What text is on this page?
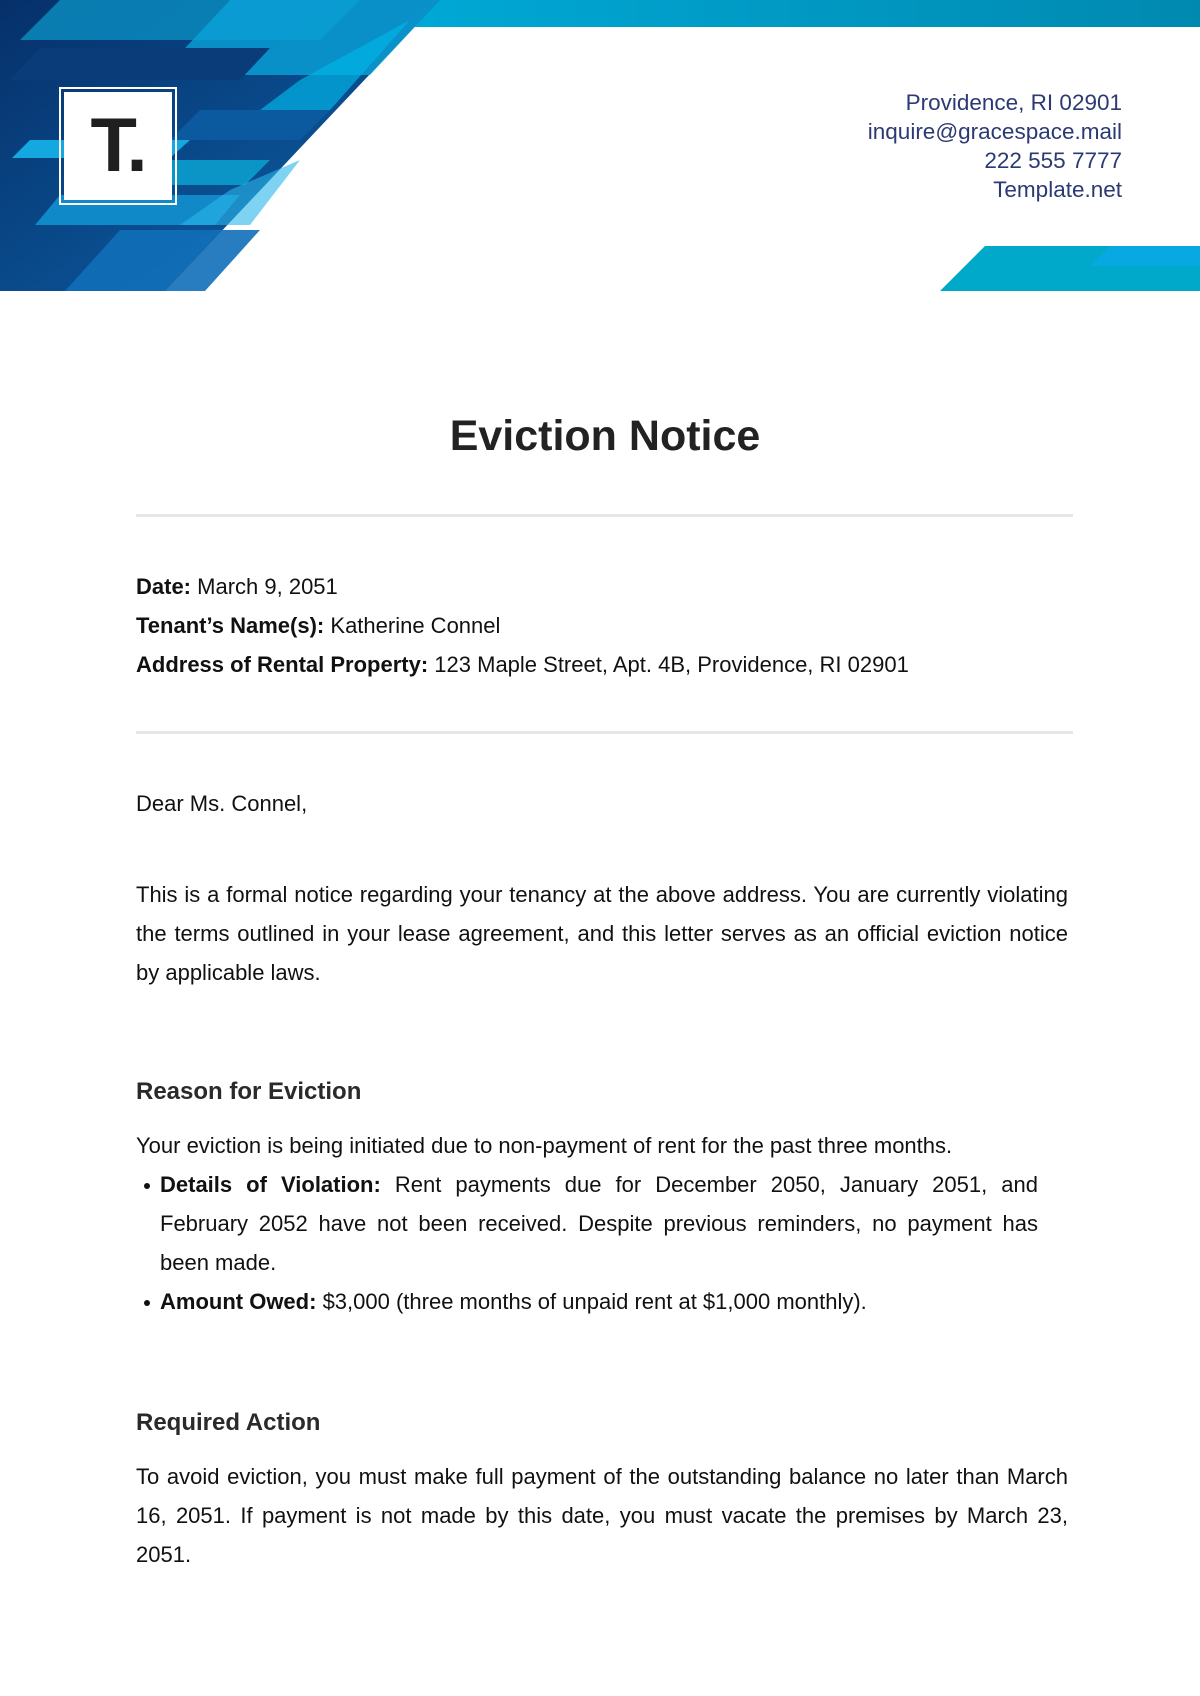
T.
Providence, RI 02901
inquire@gracespace.mail
222 555 7777
Template.net
Eviction Notice

Date: March 9, 2051

Tenant’s Name(s): Katherine Connel

Address of Rental Property: 123 Maple Street, Apt. 4B, Providence, RI 02901

Dear Ms. Connel,

This is a formal notice regarding your tenancy at the above address. You are currently violating the terms outlined in your lease agreement, and this letter serves as an official eviction notice by applicable laws.

Reason for Eviction

Your eviction is being initiated due to non-payment of rent for the past three months.

Details of Violation: Rent payments due for December 2050, January 2051, and February 2052 have not been received. Despite previous reminders, no payment has been made.
Amount Owed: $3,000 (three months of unpaid rent at $1,000 monthly).

Required Action

To avoid eviction, you must make full payment of the outstanding balance no later than March 16, 2051. If payment is not made by this date, you must vacate the premises by March 23, 2051.
